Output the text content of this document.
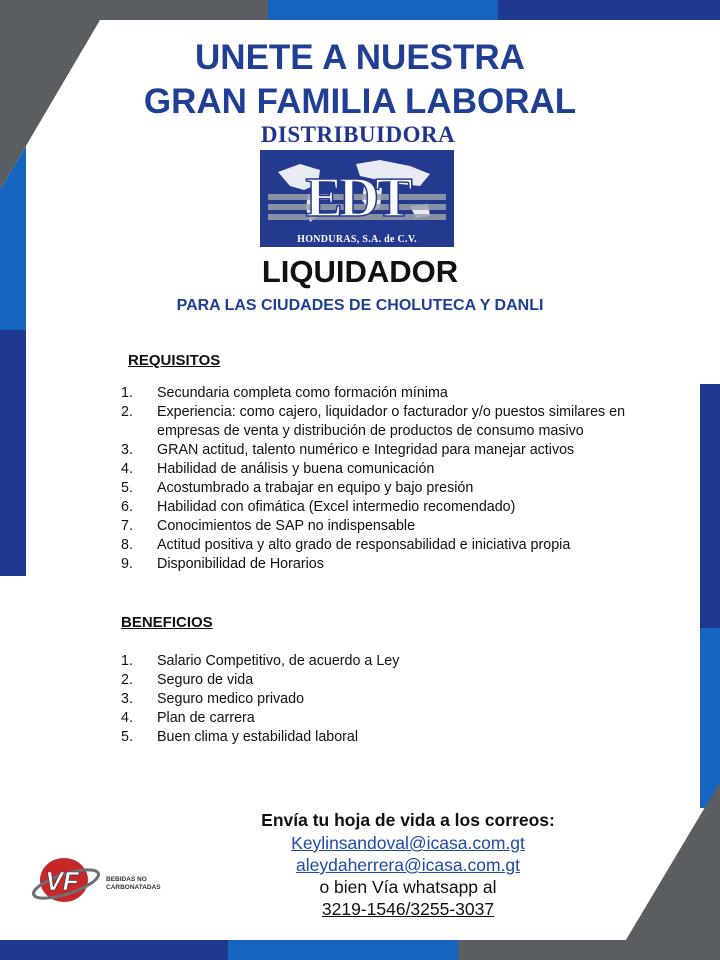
UNETE A NUESTRA
GRAN FAMILIA LABORAL
DISTRIBUIDORA
EDT
HONDURAS, S.A. de C.V.
LIQUIDADOR
PARA LAS CIUDADES DE CHOLUTECA Y DANLI
REQUISITOS
1. Secundaria completa como formación mínima
2. Experiencia: como cajero, liquidador o facturador y/o puestos similares en empresas de venta y distribución de productos de consumo masivo
3. GRAN actitud, talento numérico e Integridad para manejar activos
4. Habilidad de análisis y buena comunicación
5. Acostumbrado a trabajar en equipo y bajo presión
6. Habilidad con ofimática (Excel intermedio recomendado)
7. Conocimientos de SAP no indispensable
8. Actitud positiva y alto grado de responsabilidad e iniciativa propia
9. Disponibilidad de Horarios
BENEFICIOS
1. Salario Competitivo, de acuerdo a Ley
2. Seguro de vida
3. Seguro medico privado
4. Plan de carrera
5. Buen clima y estabilidad laboral
Envía tu hoja de vida a los correos:
Keylinsandoval@icasa.com.gt
aleydaherrera@icasa.com.gt
o bien Vía whatsapp al
3219-1546/3255-3037
VF	BEBIDAS NO
CARBONATADAS
